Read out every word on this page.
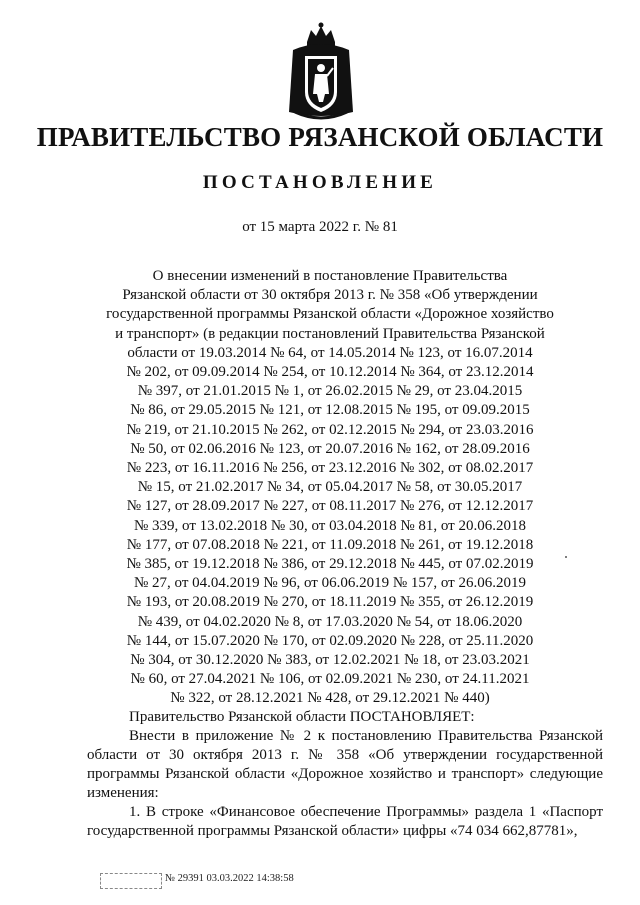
ПРАВИТЕЛЬСТВО РЯЗАНСКОЙ ОБЛАСТИ
ПОСТАНОВЛЕНИЕ
от 15 марта 2022 г. № 81
О внесении изменений в постановление Правительства
Рязанской области от 30 октября 2013 г. № 358 «Об утверждении
государственной программы Рязанской области «Дорожное хозяйство
и транспорт» (в редакции постановлений Правительства Рязанской
области от 19.03.2014 № 64, от 14.05.2014 № 123, от 16.07.2014
№ 202, от 09.09.2014 № 254, от 10.12.2014 № 364, от 23.12.2014
№ 397, от 21.01.2015 № 1, от 26.02.2015 № 29, от 23.04.2015
№ 86, от 29.05.2015 № 121, от 12.08.2015 № 195, от 09.09.2015
№ 219, от 21.10.2015 № 262, от 02.12.2015 № 294, от 23.03.2016
№ 50, от 02.06.2016 № 123, от 20.07.2016 № 162, от 28.09.2016
№ 223, от 16.11.2016 № 256, от 23.12.2016 № 302, от 08.02.2017
№ 15, от 21.02.2017 № 34, от 05.04.2017 № 58, от 30.05.2017
№ 127, от 28.09.2017 № 227, от 08.11.2017 № 276, от 12.12.2017
№ 339, от 13.02.2018 № 30, от 03.04.2018 № 81, от 20.06.2018
№ 177, от 07.08.2018 № 221, от 11.09.2018 № 261, от 19.12.2018
№ 385, от 19.12.2018 № 386, от 29.12.2018 № 445, от 07.02.2019
№ 27, от 04.04.2019 № 96, от 06.06.2019 № 157, от 26.06.2019
№ 193, от 20.08.2019 № 270, от 18.11.2019 № 355, от 26.12.2019
№ 439, от 04.02.2020 № 8, от 17.03.2020 № 54, от 18.06.2020
№ 144, от 15.07.2020 № 170, от 02.09.2020 № 228, от 25.11.2020
№ 304, от 30.12.2020 № 383, от 12.02.2021 № 18, от 23.03.2021
№ 60, от 27.04.2021 № 106, от 02.09.2021 № 230, от 24.11.2021
№ 322, от 28.12.2021 № 428, от 29.12.2021 № 440)

Правительство Рязанской области ПОСТАНОВЛЯЕТ:

Внести в приложение № 2 к постановлению Правительства Рязанской области от 30 октября 2013 г. № 358 «Об утверждении государственной программы Рязанской области «Дорожное хозяйство и транспорт» следующие изменения:

1. В строке «Финансовое обеспечение Программы» раздела 1 «Паспорт государственной программы Рязанской области» цифры «74 034 662,87781»,

№ 29391 03.03.2022 14:38:58
